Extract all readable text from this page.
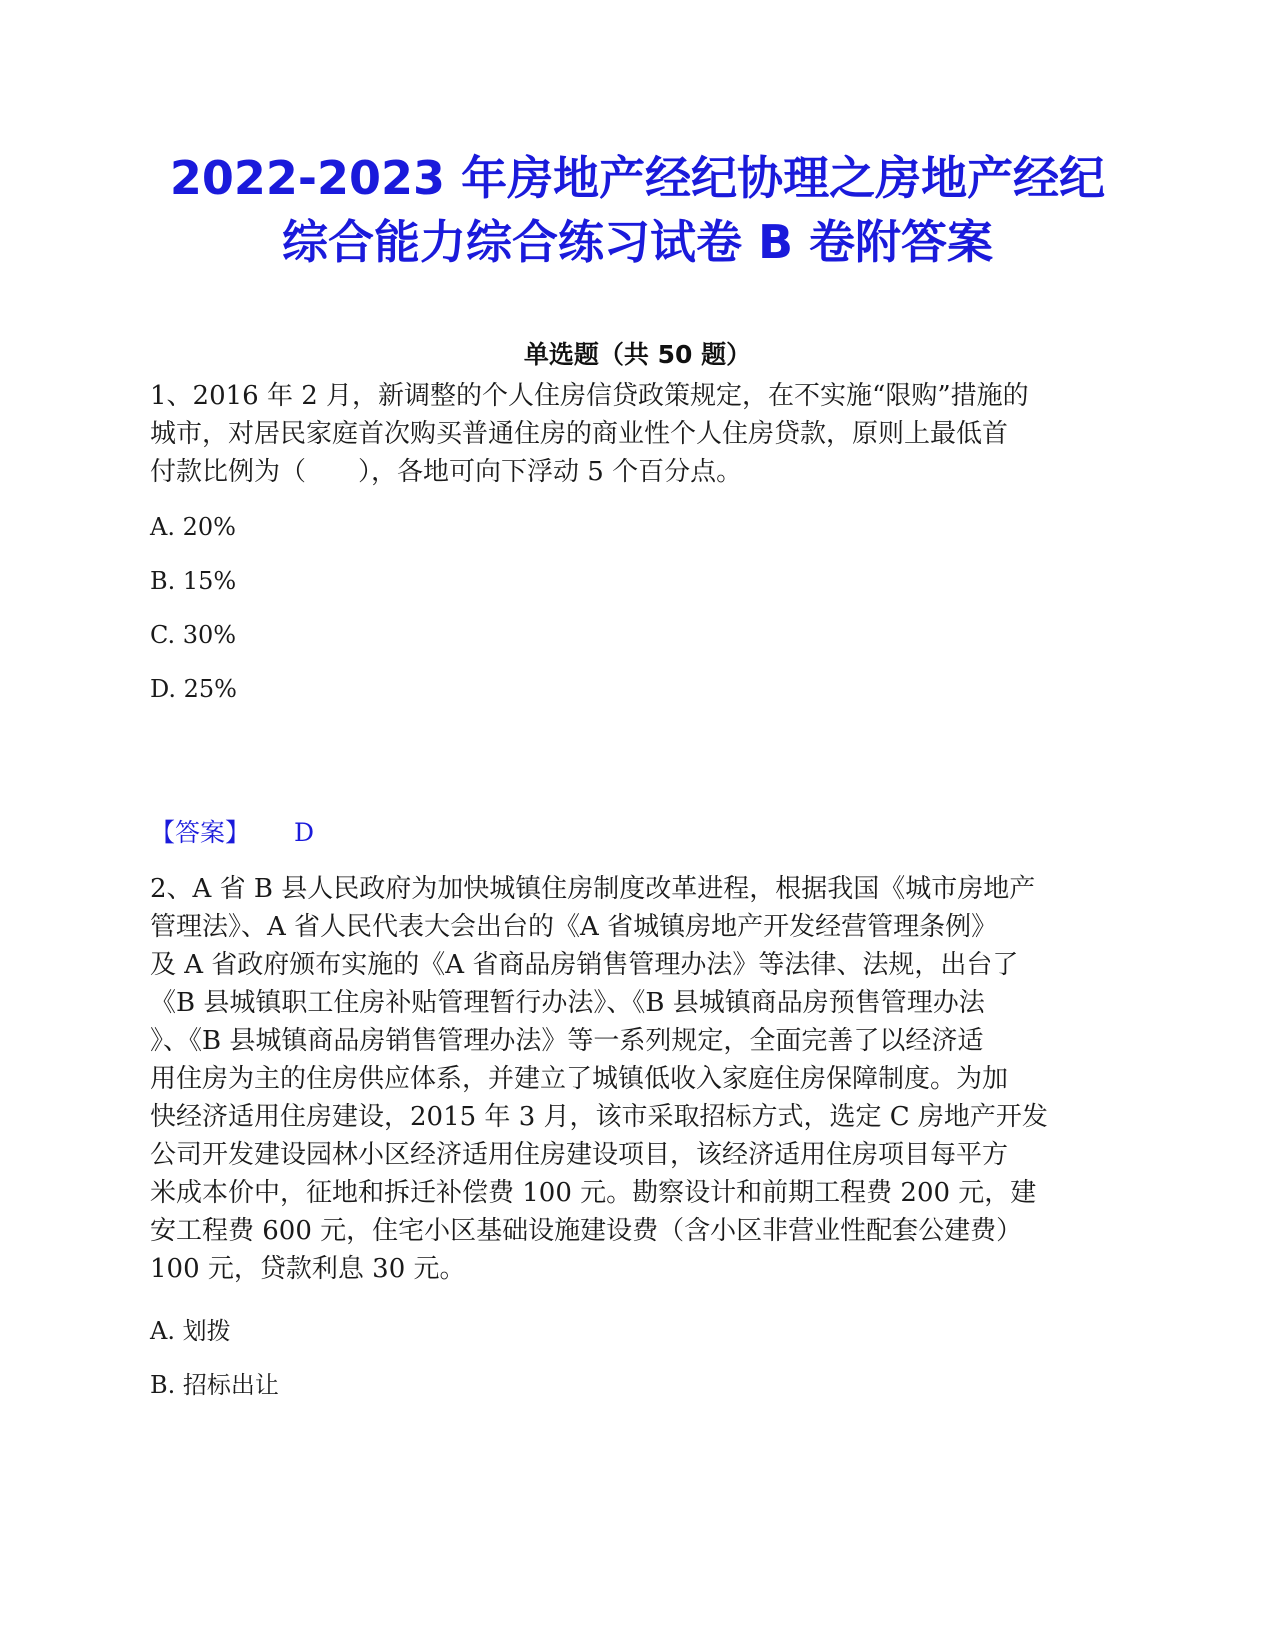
2022-2023 年房地产经纪协理之房地产经纪
综合能力综合练习试卷 B 卷附答案
单选题（共 50 题）
1、2016 年 2 月，新调整的个人住房信贷政策规定，在不实施“限购”措施的
城市，对居民家庭首次购买普通住房的商业性个人住房贷款，原则上最低首
付款比例为（　　），各地可向下浮动 5 个百分点。
A. 20%
B. 15%
C. 30%
D. 25%
【答案】 D
2、A 省 B 县人民政府为加快城镇住房制度改革进程，根据我国《城市房地产
管理法》、A 省人民代表大会出台的《A 省城镇房地产开发经营管理条例》
及 A 省政府颁布实施的《A 省商品房销售管理办法》等法律、法规，出台了
《B 县城镇职工住房补贴管理暂行办法》、《B 县城镇商品房预售管理办法
》、《B 县城镇商品房销售管理办法》等一系列规定，全面完善了以经济适
用住房为主的住房供应体系，并建立了城镇低收入家庭住房保障制度。为加
快经济适用住房建设，2015 年 3 月，该市采取招标方式，选定 C 房地产开发
公司开发建设园林小区经济适用住房建设项目，该经济适用住房项目每平方
米成本价中，征地和拆迁补偿费 100 元。勘察设计和前期工程费 200 元，建
安工程费 600 元，住宅小区基础设施建设费（含小区非营业性配套公建费）
100 元，贷款利息 30 元。
A. 划拨
B. 招标出让
